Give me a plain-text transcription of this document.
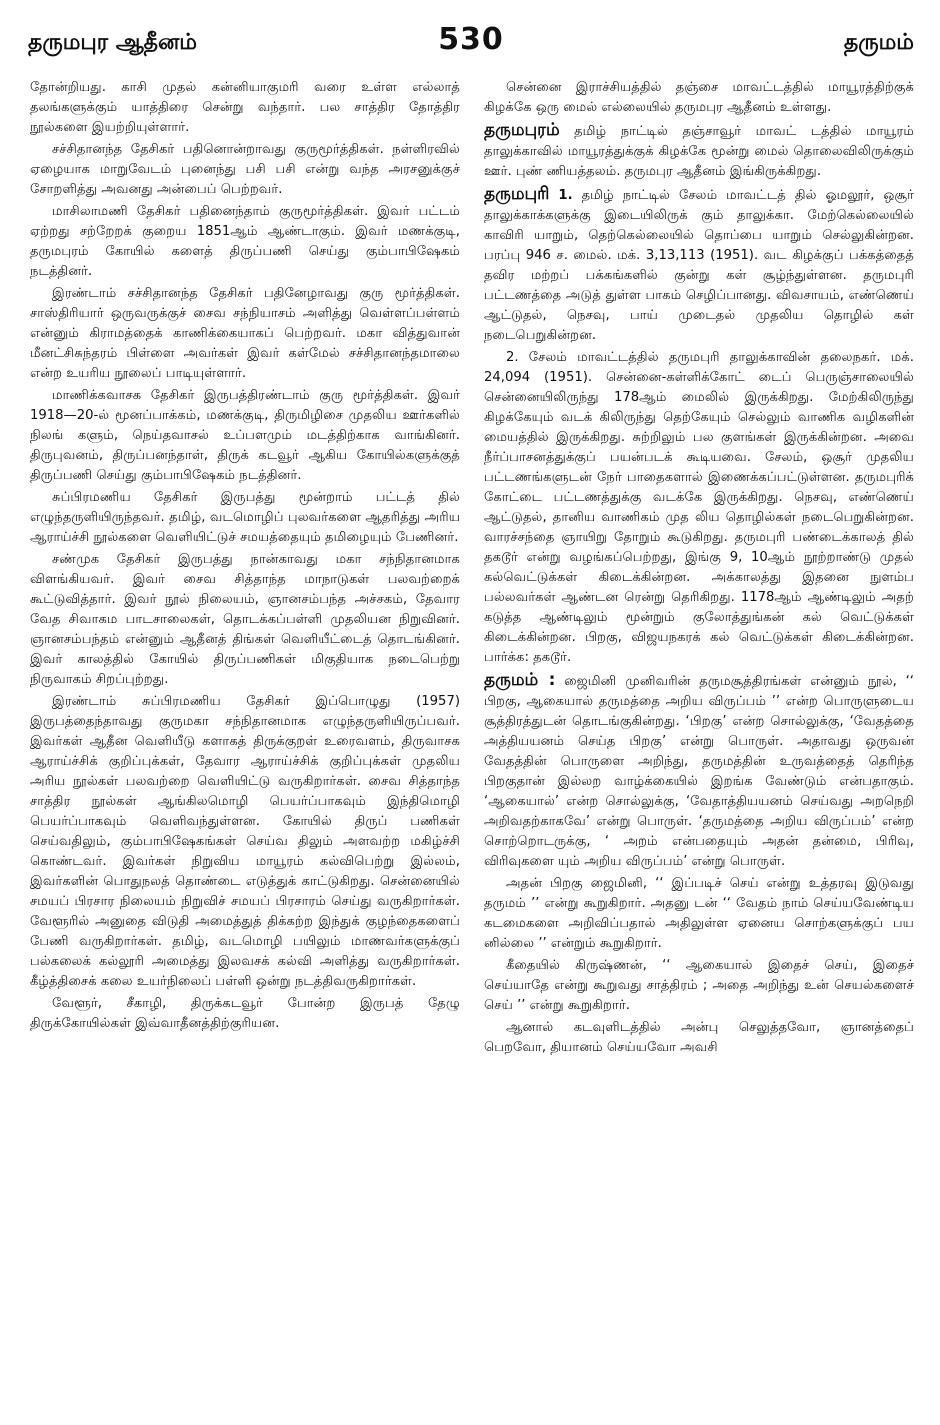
தருமபுர ஆதீனம்	530	தருமம்

தோன்றியது. காசி முதல் கன்னியாகுமரி வரை உள்ள எல்லாத் தலங்களுக்கும் யாத்திரை சென்று வந்தார். பல சாத்திர தோத்திர நூல்களை இயற்றியுள்ளார்.

சச்சிதானந்த தேசிகர் பதினொன்றாவது குருமூர்த்திகள். நள்ளிரவில் ஏழையாக மாறுவேடம் புனைந்து பசி பசி என்று வந்த அரசனுக்குச் சோறளித்து அவனது அன்பைப் பெற்றவர்.

மாசிலாமணி தேசிகர் பதினைந்தாம் குருமூர்த்திகள். இவர் பட்டம் ஏற்றது சற்றேறக் குறைய 1851ஆம் ஆண்டாகும். இவர் மணக்குடி, தருமபுரம் கோயில் களைத் திருப்பணி செய்து கும்பாபிஷேகம் நடத்தினர்.

இரண்டாம் சச்சிதானந்த தேசிகர் பதினேழாவது குரு மூர்த்திகள். சாஸ்திரியார் ஒருவருக்குச் சைவ சந்நியாசம் அளித்து வெள்ளப்பள்ளம் என்னும் கிராமத்தைக் காணிக்கையாகப் பெற்றவர். மகா வித்துவான் மீனட்சிசுந்தரம் பிள்ளை அவர்கள் இவர் கள்மேல் சச்சிதானந்தமாலை என்ற உயரிய நூலைப் பாடியுள்ளார்.

மாணிக்கவாசக தேசிகர் இருபத்திரண்டாம் குரு மூர்த்திகள். இவர் 1918—20-ல் மூனப்பாக்கம், மணக்குடி, திருமிழிசை முதலிய ஊர்களில் நிலங் களும், நெய்தவாசல் உப்பளமும் மடத்திற்காக வாங்கினர். திருபுவனம், திருப்பனந்தாள், திருக் கடவூர் ஆகிய கோயில்களுக்குத் திருப்பணி செய்து கும்பாபிஷேகம் நடத்தினர்.

சுப்பிரமணிய தேசிகர் இருபத்து மூன்றாம் பட்டத் தில் எழுந்தருளியிருந்தவர். தமிழ், வடமொழிப் புலவர்களை ஆதரித்து அரிய ஆராய்ச்சி நூல்களை வெளியிட்டுச் சமயத்தையும் தமிழையும் பேணினர்.

சண்முக தேசிகர் இருபத்து நான்காவது மகா சந்நிதானமாக விளங்கியவர். இவர் சைவ சித்தாந்த மாநாடுகள் பலவற்றைக் கூட்டுவித்தார். இவர் நூல் நிலையம், ஞானசம்பந்த அச்சகம், தேவார வேத சிவாகம பாடசாலைகள், தொடக்கப்பள்ளி முதலியன நிறுவினர். ஞானசம்பந்தம் என்னும் ஆதீனத் திங்கள் வெளியீட்டைத் தொடங்கினர். இவர் காலத்தில் கோயில் திருப்பணிகள் மிகுதியாக நடைபெற்று நிருவாகம் சிறப்புற்றது.

இரண்டாம் சுப்பிரமணிய தேசிகர் இப்பொழுது (1957) இருபத்தைந்தாவது குருமகா சந்நிதானமாக எழுந்தருளியிருப்பவர். இவர்கள் ஆதீன வெளியீடு களாகத் திருக்குறள் உரைவளம், திருவாசக ஆராய்ச்சிக் குறிப்புக்கள், தேவார ஆராய்ச்சிக் குறிப்புக்கள் முதலிய அரிய நூல்கள் பலவற்றை வெளியிட்டு வருகிறார்கள். சைவ சித்தாந்த சாத்திர நூல்கள் ஆங்கிலமொழி பெயர்ப்பாகவும் இந்திமொழி பெயர்ப்பாகவும் வெளிவந்துள்ளன. கோயில் திருப் பணிகள் செய்வதிலும், கும்பாபிஷேகங்கள் செய்வ திலும் அளவற்ற மகிழ்ச்சி கொண்டவர். இவர்கள் நிறுவிய மாயூரம் கல்விபெற்று இல்லம், இவர்களின் பொதுநலத் தொண்டை எடுத்துக் காட்டுகிறது. சென்னையில் சமயப் பிரசார நிலையம் நிறுவிச் சமயப் பிரசாரம் செய்து வருகிறார்கள். வேளூரில் அனுதை விடுதி அமைத்துத் திக்கற்ற இந்துக் குழந்தைகளைப் பேணி வருகிறார்கள். தமிழ், வடமொழி பயிலும் மாணவர்களுக்குப் பல்கலைக் கல்லூரி அமைத்து இலவசக் கல்வி அளித்து வருகிறார்கள். கீழ்த்திசைக் கலை உயர்நிலைப் பள்ளி ஒன்று நடத்திவருகிறார்கள்.

வேளூர், சீகாழி, திருக்கடவூர் போன்ற இருபத் தேழு திருக்கோயில்கள் இவ்வாதீனத்திற்குரியன.

சென்னை இராச்சியத்தில் தஞ்சை மாவட்டத்தில் மாயூரத்திற்குக் கிழக்கே ஒரு மைல் எல்லையில் தருமபுர ஆதீனம் உள்ளது.

தருமபுரம் தமிழ் நாட்டில் தஞ்சாவூர் மாவட் டத்தில் மாயூரம் தாலுக்காவில் மாயூரத்துக்குக் கிழக்கே மூன்று மைல் தொலைவிலிருக்கும் ஊர். புண் ணியத்தலம். தருமபுர ஆதீனம் இங்கிருக்கிறது.

தருமபுரி 1. தமிழ் நாட்டில் சேலம் மாவட்டத் தில் ஓமலூர், ஒசூர் தாலுக்காக்களுக்கு இடையிலிருக் கும் தாலுக்கா. மேற்கெல்லையில் காவிரி யாறும், தெற்கெல்லையில் தொப்பை யாறும் செல்லுகின்றன. பரப்பு 946 ச. மைல். மக். 3,13,113 (1951). வட கிழக்குப் பக்கத்தைத் தவிர மற்றப் பக்கங்களில் குன்று கள் சூழ்ந்துள்ளன. தருமபுரி பட்டணத்தை அடுத் துள்ள பாகம் செழிப்பானது. விவசாயம், எண்ணெய் ஆட்டுதல், நெசவு, பாய் முடைதல் முதலிய தொழில் கள் நடைபெறுகின்றன.

2. சேலம் மாவட்டத்தில் தருமபுரி தாலுக்காவின் தலைநகர். மக். 24,094 (1951). சென்னை-கள்ளிக்கோட் டைப் பெருஞ்சாலையில் சென்னையிலிருந்து 178ஆம் மைலில் இருக்கிறது. மேற்கிலிருந்து கிழக்கேயும் வடக் கிலிருந்து தெற்கேயும் செல்லும் வாணிக வழிகளின் மையத்தில் இருக்கிறது. சுற்றிலும் பல குளங்கள் இருக்கின்றன. அவை நீர்ப்பாசனத்துக்குப் பயன்படக் கூடியவை. சேலம், ஒசூர் முதலிய பட்டணங்களுடன் நேர் பாதைகளால் இணைக்கப்பட்டுள்ளன. தருமபுரிக் கோட்டை பட்டணத்துக்கு வடக்கே இருக்கிறது. நெசவு, எண்ணெய் ஆட்டுதல், தானிய வாணிகம் முத லிய தொழில்கள் நடைபெறுகின்றன. வாரச்சந்தை ஞாயிறு தோறும் கூடுகிறது. தருமபுரி பண்டைக்காலத் தில் தகடூர் என்று வழங்கப்பெற்றது, இங்கு 9, 10ஆம் நூற்றாண்டு முதல் கல்வெட்டுக்கள் கிடைக்கின்றன. அக்காலத்து இதனை நுளம்ப பல்லவர்கள் ஆண்டன ரென்று தெரிகிறது. 1178ஆம் ஆண்டிலும் அதற் கடுத்த ஆண்டிலும் மூன்றும் குலோத்துங்கன் கல் வெட்டுக்கள் கிடைக்கின்றன. பிறகு, விஜயநகரக் கல் வெட்டுக்கள் கிடைக்கின்றன. பார்க்க: தகடூர்.

தருமம் : ஜைமினி முனிவரின் தருமசூத்திரங்கள் என்னும் நூல், ‘‘ பிறகு, ஆகையால் தருமத்தை அறிய விருப்பம் ’’ என்ற பொருளுடைய சூத்திரத்துடன் தொடங்குகின்றது. ‘பிறகு’ என்ற சொல்லுக்கு, ‘வேதத்தை அத்தியயனம் செய்த பிறகு’ என்று பொருள். அதாவது ஒருவன் வேதத்தின் பொருளை அறிந்து, தருமத்தின் உருவத்தைத் தெரிந்த பிறகுதான் இல்லற வாழ்க்கையில் இறங்க வேண்டும் என்பதாகும். ‘ஆகையால்’ என்ற சொல்லுக்கு, ‘வேதாத்தியயனம் செய்வது அறநெறி அறிவதற்காகவே’ என்று பொருள். ‘தருமத்தை அறிய விருப்பம்’ என்ற சொற்றொடருக்கு, ‘ அறம் என்பதையும் அதன் தன்மை, பிரிவு, விரிவுகளை யும் அறிய விருப்பம்’ என்று பொருள்.

அதன் பிறகு ஜைமினி, ‘‘ இப்படிச் செய் என்று உத்தரவு இடுவது தருமம் ’’ என்று கூறுகிறார். அதனு டன் ‘‘ வேதம் நாம் செய்யவேண்டிய கடமைகளை அறிவிப்பதால் அதிலுள்ள ஏனைய சொற்களுக்குப் பய னில்லை ’’ என்றும் கூறுகிறார்.

கீதையில் கிருஷ்ணன், ‘‘ ஆகையால் இதைச் செய், இதைச் செய்யாதே என்று கூறுவது சாத்திரம் ; அதை அறிந்து உன் செயல்களைச் செய் ’’ என்று கூறுகிறார்.

ஆனால் கடவுளிடத்தில் அன்பு செலுத்தவோ, ஞானத்தைப் பெறவோ, தியானம் செய்யவோ அவசி
